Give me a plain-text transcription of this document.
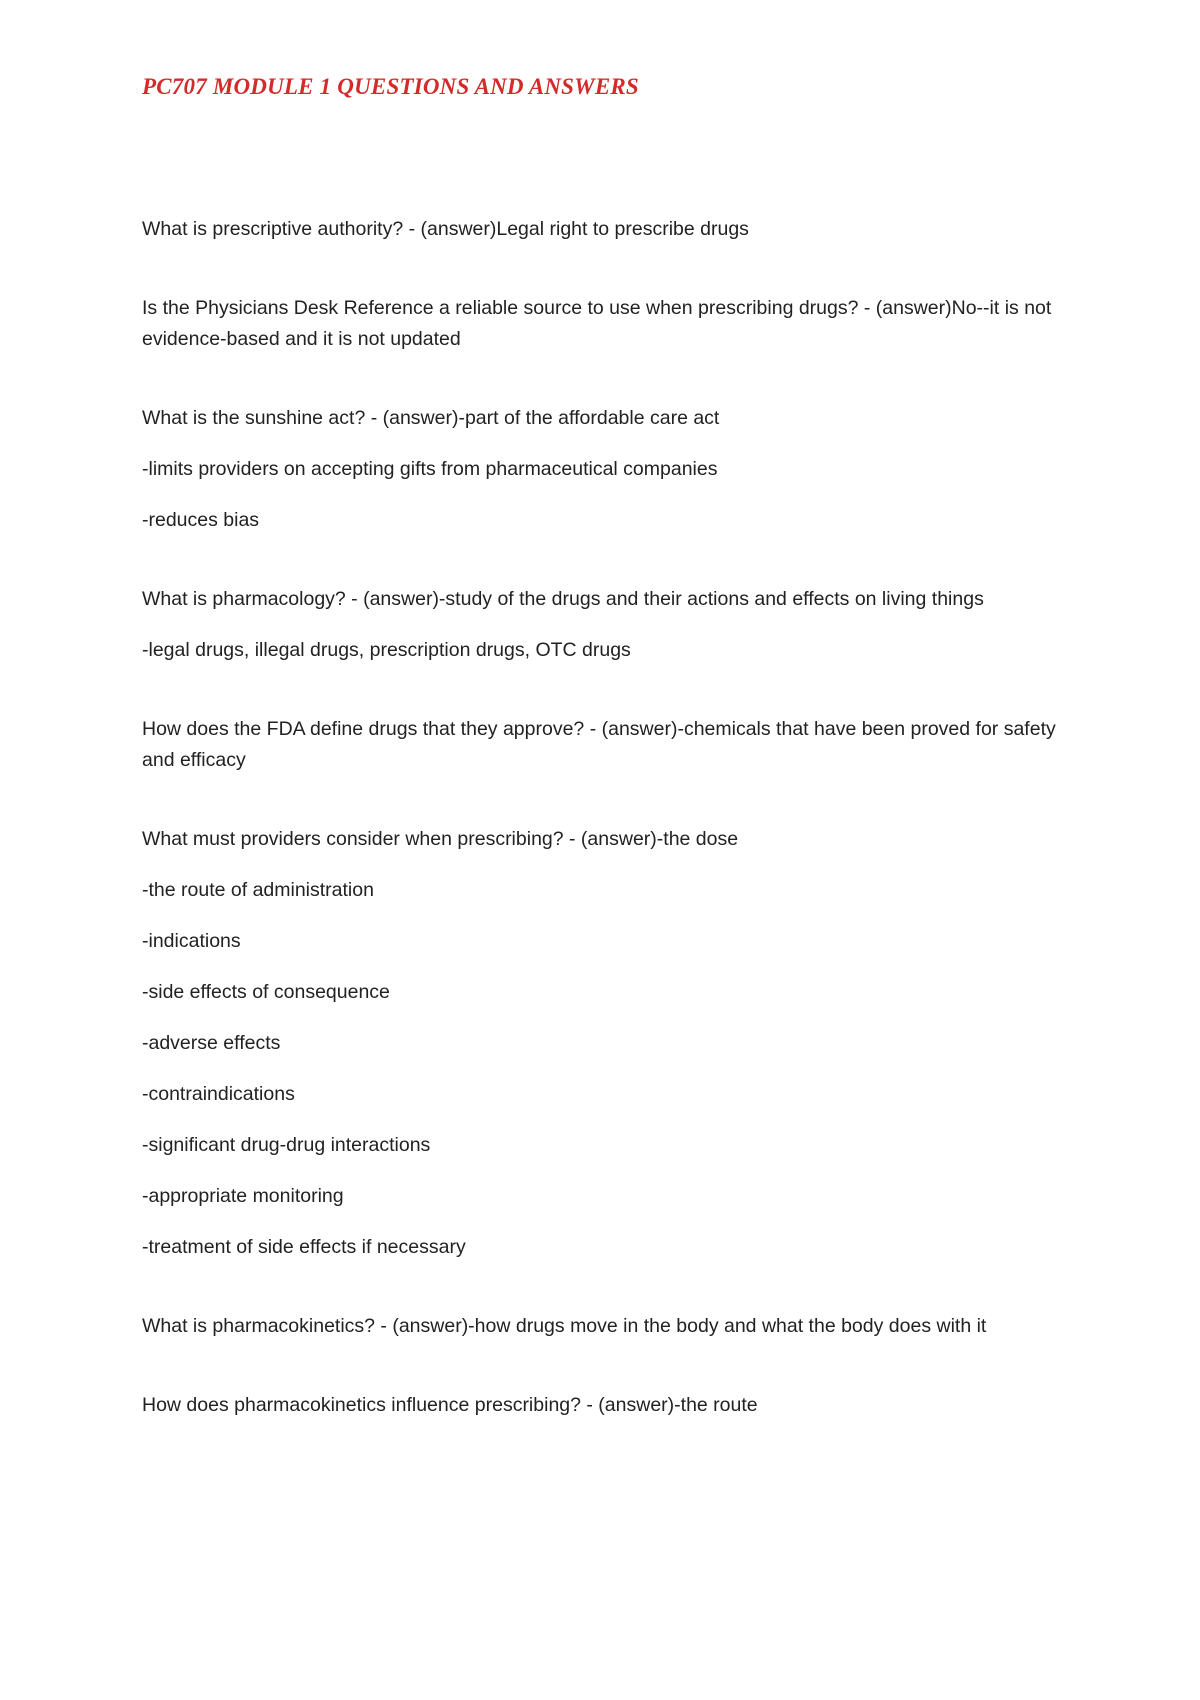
PC707 MODULE 1 QUESTIONS AND ANSWERS

What is prescriptive authority? - (answer)Legal right to prescribe drugs

Is the Physicians Desk Reference a reliable source to use when prescribing drugs? - (answer)No--it is not evidence-based and it is not updated

What is the sunshine act? - (answer)-part of the affordable care act

-limits providers on accepting gifts from pharmaceutical companies

-reduces bias

What is pharmacology? - (answer)-study of the drugs and their actions and effects on living things

-legal drugs, illegal drugs, prescription drugs, OTC drugs

How does the FDA define drugs that they approve? - (answer)-chemicals that have been proved for safety and efficacy

What must providers consider when prescribing? - (answer)-the dose

-the route of administration

-indications

-side effects of consequence

-adverse effects

-contraindications

-significant drug-drug interactions

-appropriate monitoring

-treatment of side effects if necessary

What is pharmacokinetics? - (answer)-how drugs move in the body and what the body does with it

How does pharmacokinetics influence prescribing? - (answer)-the route
